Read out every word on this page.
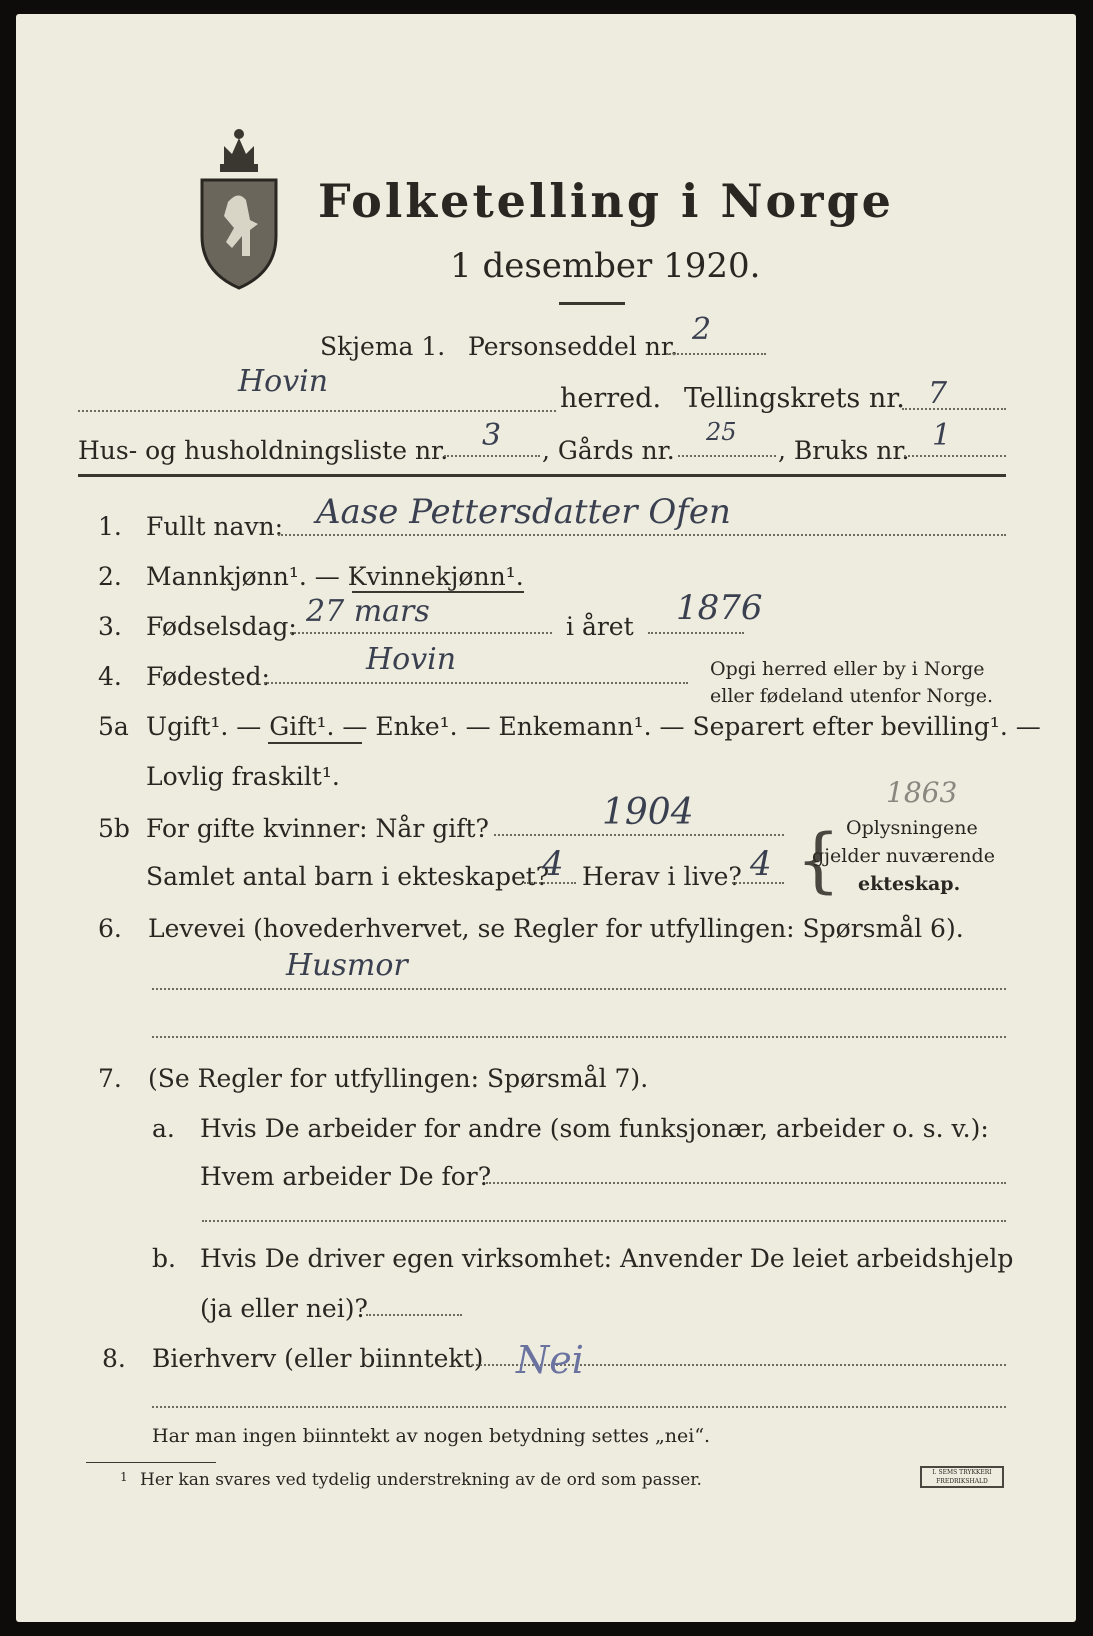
Folketelling i Norge
1 desember 1920.
Skjema 1. Personseddel nr. 2
Hovin	herred. Tellingskrets nr. 7
Hus- og husholdningsliste nr. 3 , Gårds nr.
25
, Bruks nr. 1
1. Fullt navn: Aase Pettersdatter Ofen
2. Mannkjønn¹. — Kvinnekjønn¹.
3. Fødselsdag: 27 mars	i året 1876
4. Fødested:	Hovin	Opgi herred eller by i Norge
eller fødeland utenfor Norge.
5a Ugift¹. — Gift¹. — Enke¹. — Enkemann¹. — Separert efter bevilling¹. —
Lovlig fraskilt¹.
5b For gifte kvinner: Når gift?	1904	1863
Samlet antal barn i ekteskapet?
4 Herav i live? 4 { Oplysningene
gjelder nuværende
ekteskap.
6. Levevei (hovederhvervet, se Regler for utfyllingen: Spørsmål 6).
Husmor
7. (Se Regler for utfyllingen: Spørsmål 7).
a. Hvis De arbeider for andre (som funksjonær, arbeider o. s. v.):
Hvem arbeider De for?
b. Hvis De driver egen virksomhet: Anvender De leiet arbeidshjelp
(ja eller nei)?
8. Bierhverv (eller biinntekt) Nei
Har man ingen biinntekt av nogen betydning settes „nei“.
1 Her kan svares ved tydelig understrekning av de ord som passer.	I. SEMS TRYKKERI FREDRIKSHALD
